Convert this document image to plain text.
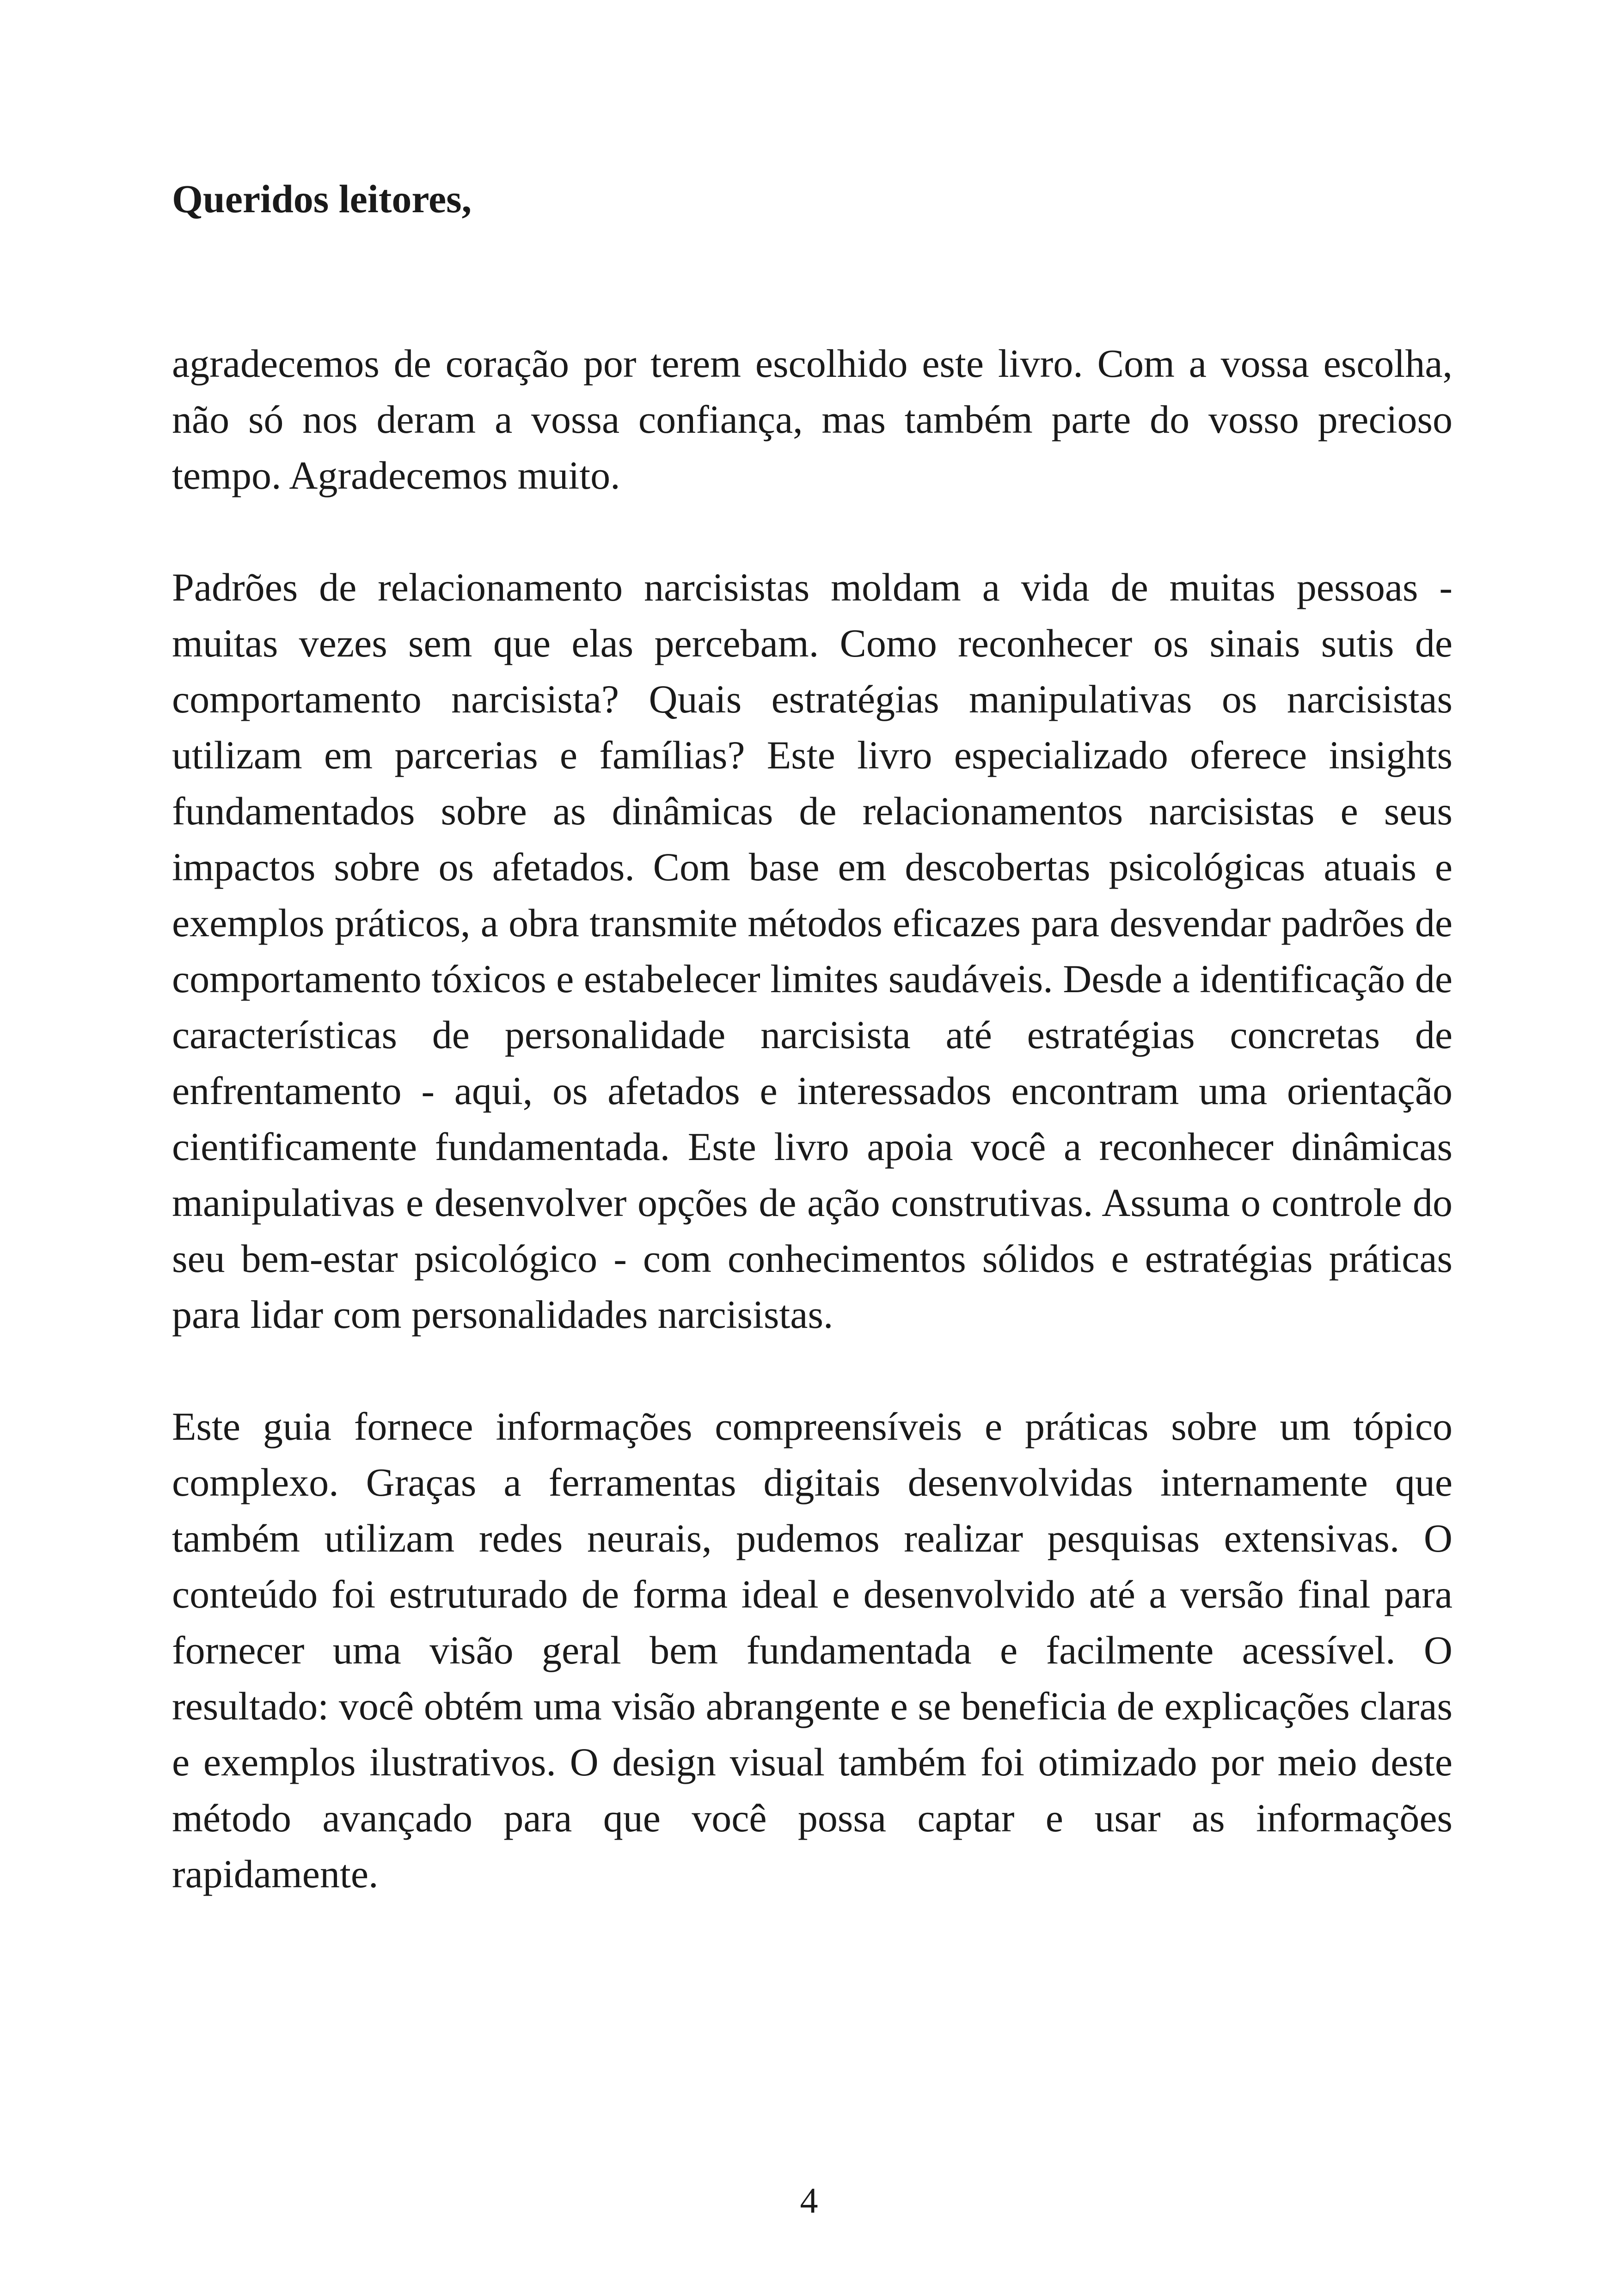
Queridos leitores,

agradecemos de coração por terem escolhido este livro. Com a vossa escolha, não só nos deram a vossa confiança, mas também parte do vosso precioso tempo. Agradecemos muito.

Padrões de relacionamento narcisistas moldam a vida de muitas pessoas - muitas vezes sem que elas percebam. Como reconhecer os sinais sutis de comportamento narcisista? Quais estratégias manipulativas os narcisistas utilizam em parcerias e famílias? Este livro especializado oferece insights fundamentados sobre as dinâmicas de relacionamentos narcisistas e seus impactos sobre os afetados. Com base em descobertas psicológicas atuais e exemplos práticos, a obra transmite métodos eficazes para desvendar padrões de comportamento tóxicos e estabelecer limites saudáveis. Desde a identificação de características de personalidade narcisista até estratégias concretas de enfrentamento - aqui, os afetados e interessados encontram uma orientação cientificamente fundamentada. Este livro apoia você a reconhecer dinâmicas manipulativas e desenvolver opções de ação construtivas. Assuma o controle do seu bem-estar psicológico - com conhecimentos sólidos e estratégias práticas para lidar com personalidades narcisistas.

Este guia fornece informações compreensíveis e práticas sobre um tópico complexo. Graças a ferramentas digitais desenvolvidas internamente que também utilizam redes neurais, pudemos realizar pesquisas extensivas. O conteúdo foi estruturado de forma ideal e desenvolvido até a versão final para fornecer uma visão geral bem fundamentada e facilmente acessível. O resultado: você obtém uma visão abrangente e se beneficia de explicações claras e exemplos ilustrativos. O design visual também foi otimizado por meio deste método avançado para que você possa captar e usar as informações rapidamente.

4
